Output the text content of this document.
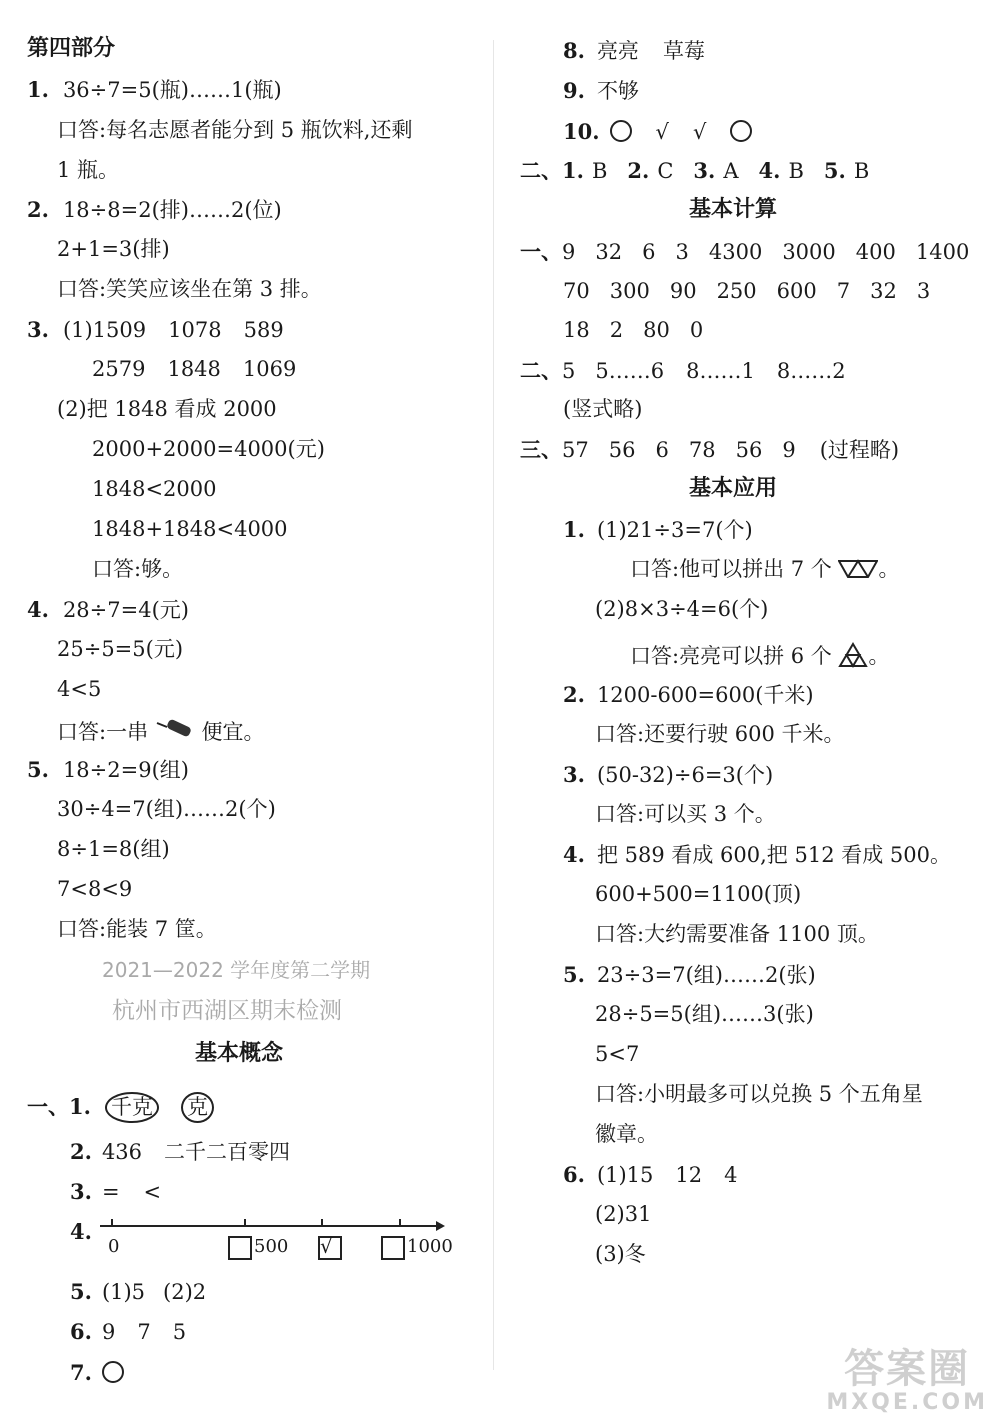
第四部分
1. 36÷7=5(瓶)……1(瓶)
口答:每名志愿者能分到 5 瓶饮料,还剩
1 瓶。
2. 18÷8=2(排)……2(位)
2+1=3(排)
口答:笑笑应该坐在第 3 排。
3. (1)1509 1078 589
2579 1848 1069
(2)把 1848 看成 2000
2000+2000=4000(元)
1848<2000
1848+1848<4000
口答:够。
4. 28÷7=4(元)
25÷5=5(元)
4<5
口答:一串	便宜。
5. 18÷2=9(组)
30÷4=7(组)……2(个)
8÷1=8(组)
7<8<9
口答:能装 7 筐。
2021—2022 学年度第二学期
杭州市西湖区期末检测
基本概念
一、1. 千克 克
2. 436 二千二百零四
3. = <
4.
0	500 √	1000
5. (1)5 (2)2
6. 9 7 5
7.
8. 亮亮 草莓
9. 不够
10.	√ √
二、1. B 2. C 3. A 4. B 5. B
基本计算
一、9 32 6 3 4300 3000 400 1400
70 300 90 250 600 7 32 3
18 2 80 0
二、5 5……6 8……1 8……2
(竖式略)
三、57 56 6 78 56 9 (过程略)
基本应用
1. (1)21÷3=7(个)
口答:他可以拼出 7 个 。
(2)8×3÷4=6(个)
口答:亮亮可以拼 6 个 。
2. 1200-600=600(千米)
口答:还要行驶 600 千米。
3. (50-32)÷6=3(个)
口答:可以买 3 个。
4. 把 589 看成 600,把 512 看成 500。
600+500=1100(顶)
口答:大约需要准备 1100 顶。
5. 23÷3=7(组)……2(张)
28÷5=5(组)……3(张)
5<7
口答:小明最多可以兑换 5 个五角星
徽章。
6. (1)15 12 4
(2)31
(3)冬
答案圈
MXQE.COM
